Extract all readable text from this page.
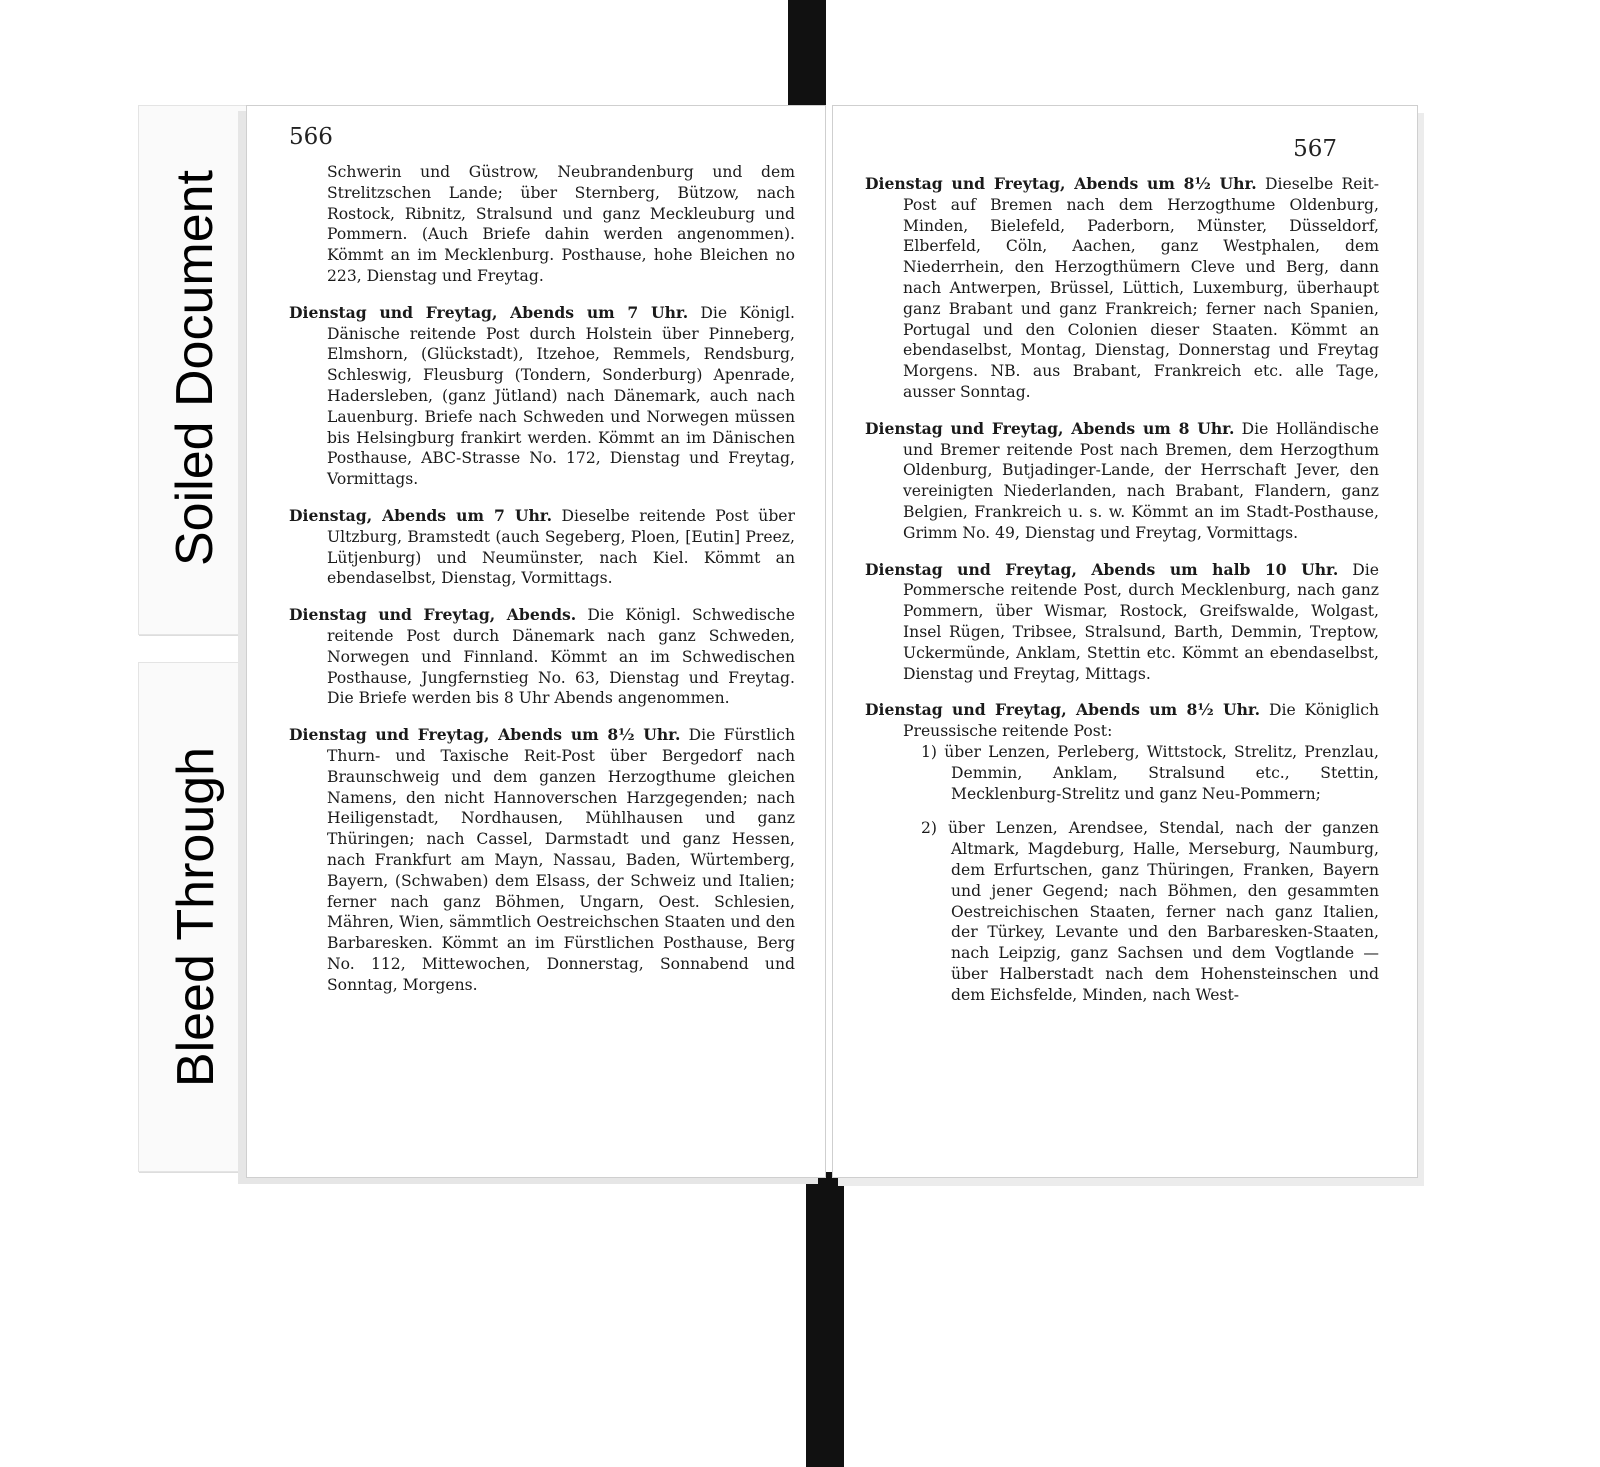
Soiled Document
Bleed Through
566

Schwerin und Güstrow, Neubrandenburg und dem Strelitzschen Lande; über Sternberg, Bützow, nach Rostock, Ribnitz, Stralsund und ganz Meckleuburg und Pommern. (Auch Briefe dahin werden angenommen). Kömmt an im Mecklenburg. Posthause, hohe Bleichen no 223, Dienstag und Freytag.

Dienstag und Freytag, Abends um 7 Uhr. Die Königl. Dänische reitende Post durch Holstein über Pinneberg, Elmshorn, (Glückstadt), Itzehoe, Remmels, Rendsburg, Schleswig, Fleusburg (Tondern, Sonderburg) Apenrade, Hadersleben, (ganz Jütland) nach Dänemark, auch nach Lauenburg. Briefe nach Schweden und Norwegen müssen bis Helsingburg frankirt werden. Kömmt an im Dänischen Posthause, ABC-Strasse No. 172, Dienstag und Freytag, Vormittags.

Dienstag, Abends um 7 Uhr. Dieselbe reitende Post über Ultzburg, Bramstedt (auch Segeberg, Ploen, [Eutin] Preez, Lütjenburg) und Neumünster, nach Kiel. Kömmt an ebendaselbst, Dienstag, Vormittags.

Dienstag und Freytag, Abends. Die Königl. Schwedische reitende Post durch Dänemark nach ganz Schweden, Norwegen und Finnland. Kömmt an im Schwedischen Posthause, Jungfernstieg No. 63, Dienstag und Freytag. Die Briefe werden bis 8 Uhr Abends angenommen.

Dienstag und Freytag, Abends um 8½ Uhr. Die Fürstlich Thurn- und Taxische Reit-Post über Bergedorf nach Braunschweig und dem ganzen Herzogthume gleichen Namens, den nicht Hannoverschen Harzgegenden; nach Heiligenstadt, Nordhausen, Mühlhausen und ganz Thüringen; nach Cassel, Darmstadt und ganz Hessen, nach Frankfurt am Mayn, Nassau, Baden, Würtemberg, Bayern, (Schwaben) dem Elsass, der Schweiz und Italien; ferner nach ganz Böhmen, Ungarn, Oest. Schlesien, Mähren, Wien, sämmtlich Oestreichschen Staaten und den Barbaresken. Kömmt an im Fürstlichen Posthause, Berg No. 112, Mittewochen, Donnerstag, Sonnabend und Sonntag, Morgens.

567

Dienstag und Freytag, Abends um 8½ Uhr. Dieselbe Reit-Post auf Bremen nach dem Herzogthume Oldenburg, Minden, Bielefeld, Paderborn, Münster, Düsseldorf, Elberfeld, Cöln, Aachen, ganz Westphalen, dem Niederrhein, den Herzogthümern Cleve und Berg, dann nach Antwerpen, Brüssel, Lüttich, Luxemburg, überhaupt ganz Brabant und ganz Frankreich; ferner nach Spanien, Portugal und den Colonien dieser Staaten. Kömmt an ebendaselbst, Montag, Dienstag, Donnerstag und Freytag Morgens. NB. aus Brabant, Frankreich etc. alle Tage, ausser Sonntag.

Dienstag und Freytag, Abends um 8 Uhr. Die Holländische und Bremer reitende Post nach Bremen, dem Herzogthum Oldenburg, Butjadinger-Lande, der Herrschaft Jever, den vereinigten Niederlanden, nach Brabant, Flandern, ganz Belgien, Frankreich u. s. w. Kömmt an im Stadt-Posthause, Grimm No. 49, Dienstag und Freytag, Vormittags.

Dienstag und Freytag, Abends um halb 10 Uhr. Die Pommersche reitende Post, durch Mecklenburg, nach ganz Pommern, über Wismar, Rostock, Greifswalde, Wolgast, Insel Rügen, Tribsee, Stralsund, Barth, Demmin, Treptow, Uckermünde, Anklam, Stettin etc. Kömmt an ebendaselbst, Dienstag und Freytag, Mittags.

Dienstag und Freytag, Abends um 8½ Uhr. Die Königlich Preussische reitende Post:

1) über Lenzen, Perleberg, Wittstock, Strelitz, Prenzlau, Demmin, Anklam, Stralsund etc., Stettin, Mecklenburg-Strelitz und ganz Neu-Pommern;

2) über Lenzen, Arendsee, Stendal, nach der ganzen Altmark, Magdeburg, Halle, Merseburg, Naumburg, dem Erfurtschen, ganz Thüringen, Franken, Bayern und jener Gegend; nach Böhmen, den gesammten Oestreichischen Staaten, ferner nach ganz Italien, der Türkey, Levante und den Barbaresken-Staaten, nach Leipzig, ganz Sachsen und dem Vogtlande — über Halberstadt nach dem Hohensteinschen und dem Eichsfelde, Minden, nach West-
